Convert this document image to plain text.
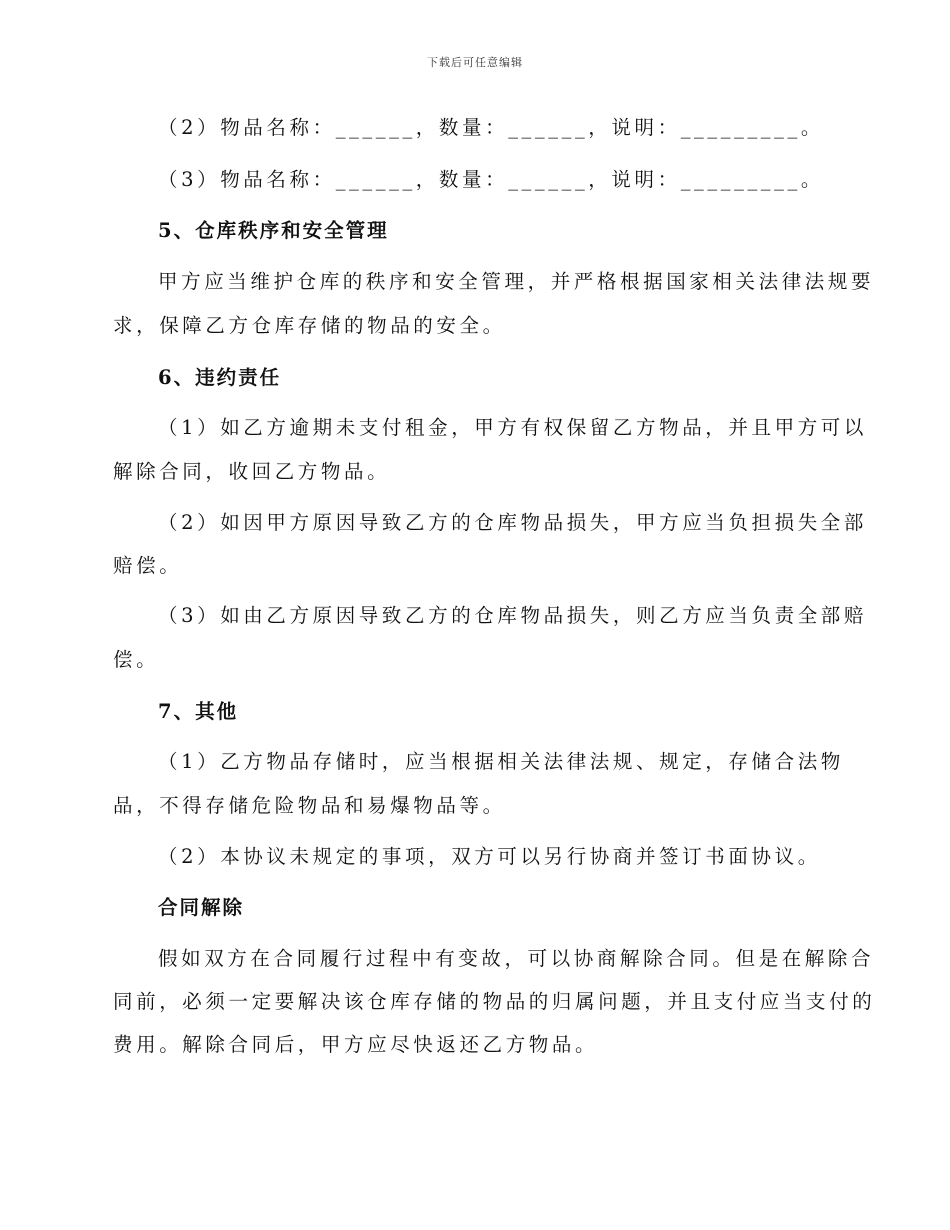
下载后可任意编辑
（2）物品名称：______，数量：______，说明：_________。
（3）物品名称：______，数量：______，说明：_________。
5、仓库秩序和安全管理
甲方应当维护仓库的秩序和安全管理，并严格根据国家相关法律法规要
求，保障乙方仓库存储的物品的安全。
6、违约责任
（1）如乙方逾期未支付租金，甲方有权保留乙方物品，并且甲方可以
解除合同，收回乙方物品。
（2）如因甲方原因导致乙方的仓库物品损失，甲方应当负担损失全部
赔偿。
（3）如由乙方原因导致乙方的仓库物品损失，则乙方应当负责全部赔
偿。
7、其他
（1）乙方物品存储时，应当根据相关法律法规、规定，存储合法物
品，不得存储危险物品和易爆物品等。
（2）本协议未规定的事项，双方可以另行协商并签订书面协议。
合同解除
假如双方在合同履行过程中有变故，可以协商解除合同。但是在解除合
同前，必须一定要解决该仓库存储的物品的归属问题，并且支付应当支付的
费用。解除合同后，甲方应尽快返还乙方物品。
